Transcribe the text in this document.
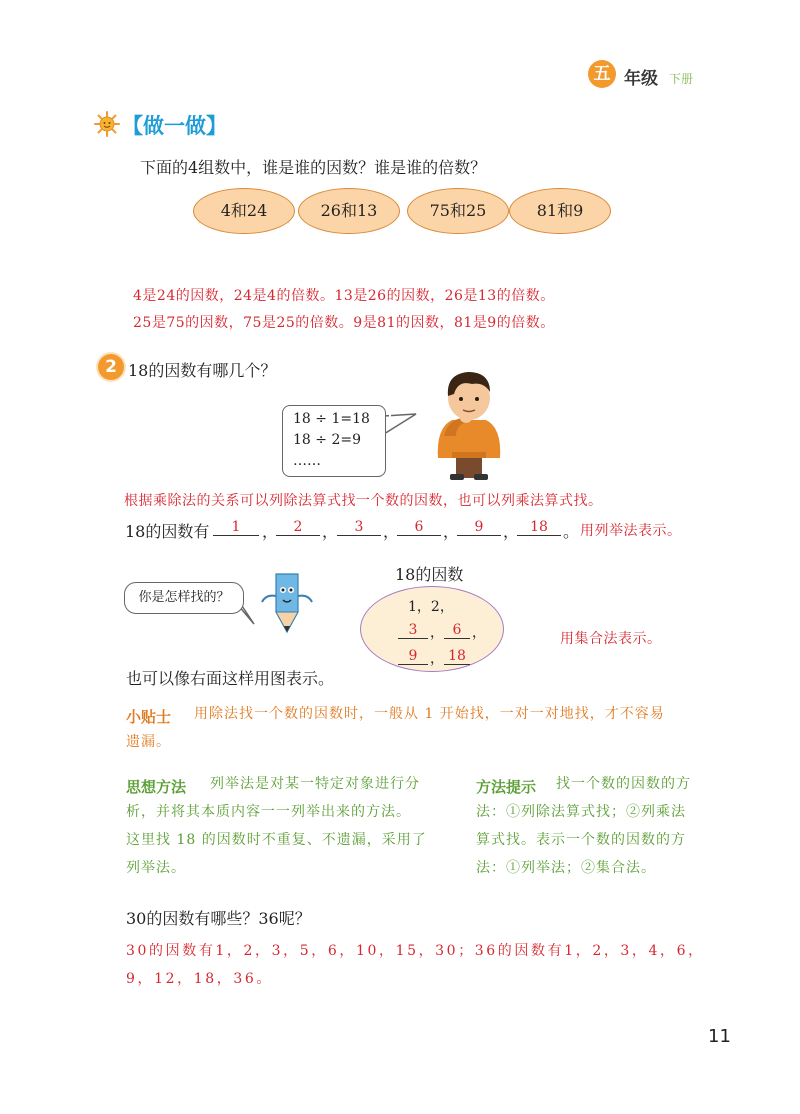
五 年级 下册
【做一做】
下面的4组数中，谁是谁的因数？谁是谁的倍数？
4和24	26和13	75和25	81和9
4是24的因数，24是4的倍数。13是26的因数，26是13的倍数。
25是75的因数，75是25的倍数。9是81的因数，81是9的倍数。
2 18的因数有哪几个？
18 ÷ 1=18
18 ÷ 2=9
……
根据乘除法的关系可以列除法算式找一个数的因数，也可以列乘法算式找。
18的因数有	1	，	2	，	3	，	6	，	9	， 18 。 用列举法表示。
18的因数
你是怎样找的？
1，2，
3 ， 6 ，
9 ， 18
用集合法表示。
也可以像右面这样用图表示。
小贴士 用除法找一个数的因数时，一般从 1 开始找，一对一对地找，才不容易
遗漏。
思想方法 列举法是对某一特定对象进行分
析，并将其本质内容一一列举出来的方法。
这里找 18 的因数时不重复、不遗漏，采用了
列举法。
方法提示 找一个数的因数的方
法：①列除法算式找；②列乘法
算式找。表示一个数的因数的方
法：①列举法；②集合法。
30的因数有哪些？36呢？
30的因数有1，2，3，5，6，10，15，30；36的因数有1，2，3，4，6，
9，12，18，36。
11
